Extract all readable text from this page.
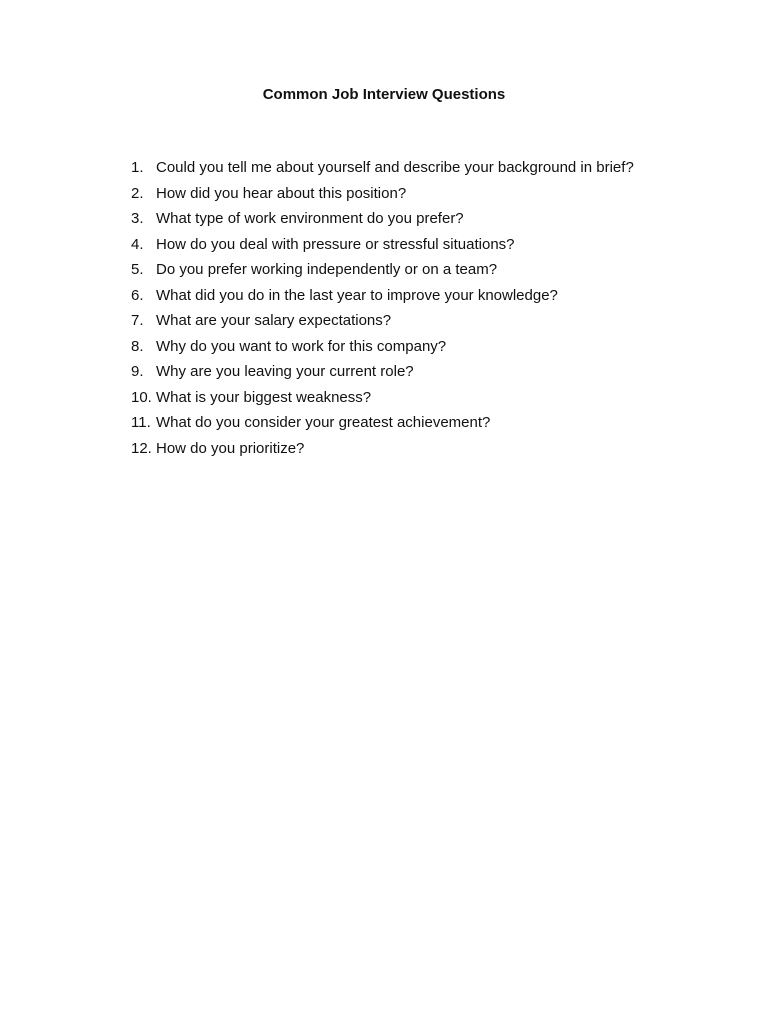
Common Job Interview Questions
1. Could you tell me about yourself and describe your background in brief?
2. How did you hear about this position?
3. What type of work environment do you prefer?
4. How do you deal with pressure or stressful situations?
5. Do you prefer working independently or on a team?
6. What did you do in the last year to improve your knowledge?
7. What are your salary expectations?
8. Why do you want to work for this company?
9. Why are you leaving your current role?
10. What is your biggest weakness?
11. What do you consider your greatest achievement?
12. How do you prioritize?
